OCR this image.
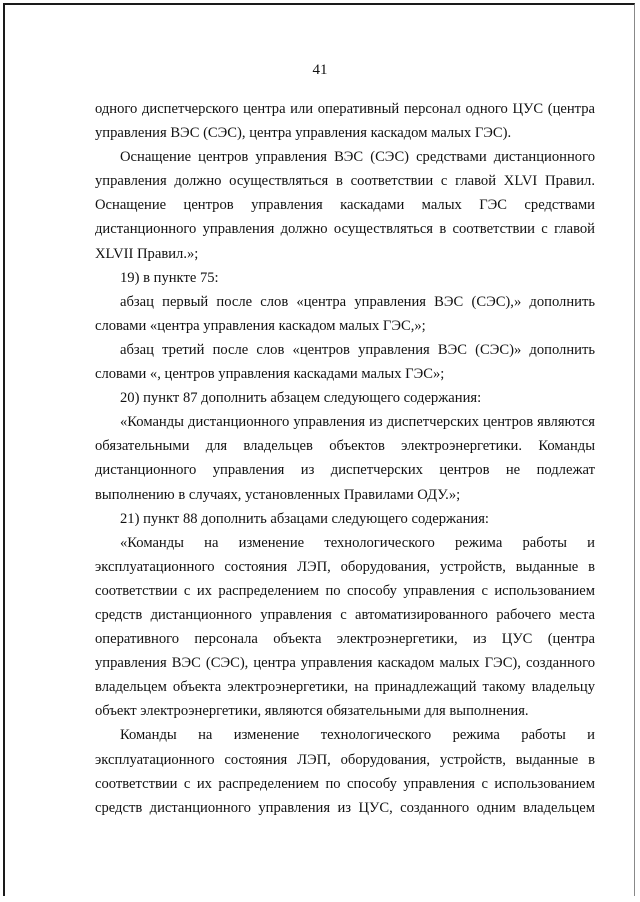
41

одного диспетчерского центра или оперативный персонал одного ЦУС (центра управления ВЭС (СЭС), центра управления каскадом малых ГЭС).

Оснащение центров управления ВЭС (СЭС) средствами дистанционного управления должно осуществляться в соответствии с главой XLVI Правил. Оснащение центров управления каскадами малых ГЭС средствами дистанционного управления должно осуществляться в соответствии с главой XLVII Правил.»;

19) в пункте 75:

абзац первый после слов «центра управления ВЭС (СЭС),» дополнить словами «центра управления каскадом малых ГЭС,»;

абзац третий после слов «центров управления ВЭС (СЭС)» дополнить словами «, центров управления каскадами малых ГЭС»;

20) пункт 87 дополнить абзацем следующего содержания:

«Команды дистанционного управления из диспетчерских центров являются обязательными для владельцев объектов электроэнергетики. Команды дистанционного управления из диспетчерских центров не подлежат выполнению в случаях, установленных Правилами ОДУ.»;

21) пункт 88 дополнить абзацами следующего содержания:

«Команды на изменение технологического режима работы и эксплуатационного состояния ЛЭП, оборудования, устройств, выданные в соответствии с их распределением по способу управления с использованием средств дистанционного управления с автоматизированного рабочего места оперативного персонала объекта электроэнергетики, из ЦУС (центра управления ВЭС (СЭС), центра управления каскадом малых ГЭС), созданного владельцем объекта электроэнергетики, на принадлежащий такому владельцу объект электроэнергетики, являются обязательными для выполнения.

Команды на изменение технологического режима работы и эксплуатационного состояния ЛЭП, оборудования, устройств, выданные в соответствии с их распределением по способу управления с использованием средств дистанционного управления из ЦУС, созданного одним владельцем
